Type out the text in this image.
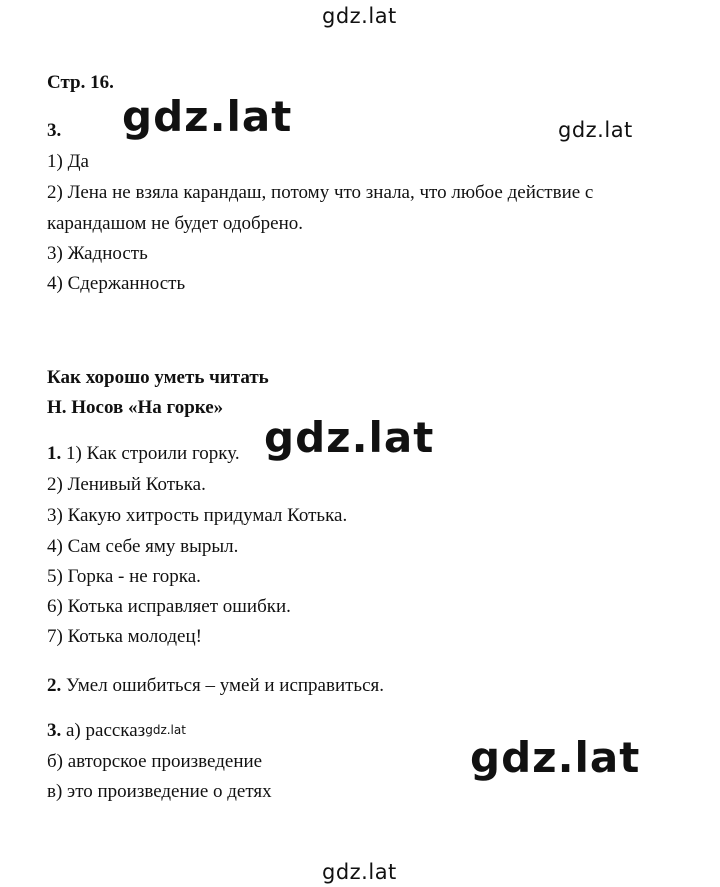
gdz.lat
gdz.lat	gdz.lat
gdz.lat
gdz.lat
gdz.lat
Стр. 16.
3.
1) Да
2) Лена не взяла карандаш, потому что знала, что любое действие с
карандашом не будет одобрено.
3) Жадность
4) Сдержанность
Как хорошо уметь читать
Н. Носов «На горке»
1. 1) Как строили горку.
2) Ленивый Котька.
3) Какую хитрость придумал Котька.
4) Сам себе яму вырыл.
5) Горка - не горка.
6) Котька исправляет ошибки.
7) Котька молодец!
2. Умел ошибиться – умей и исправиться.
3. а) рассказgdz.lat
б) авторское произведение
в) это произведение о детях
